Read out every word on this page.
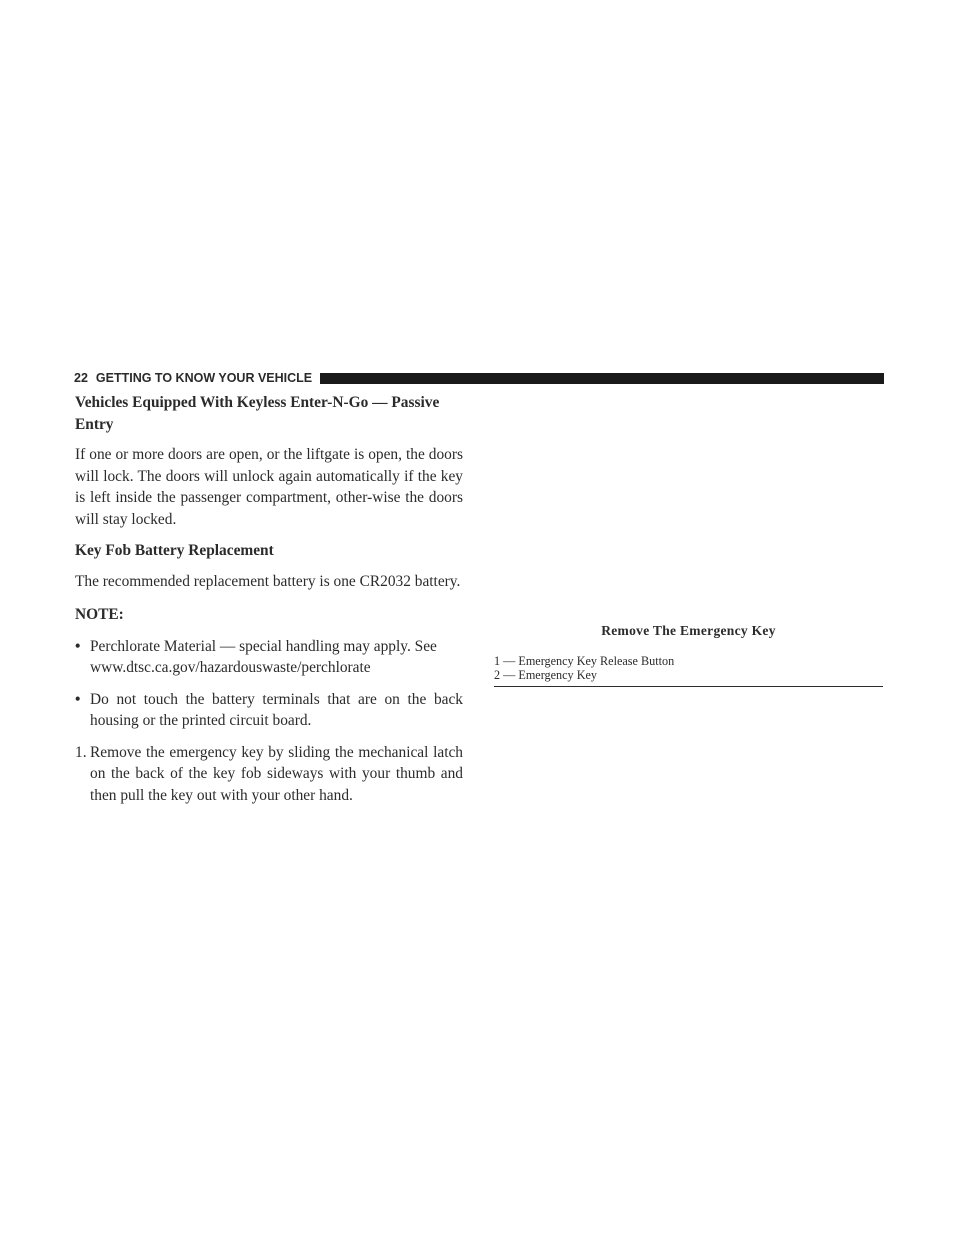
22 GETTING TO KNOW YOUR VEHICLE
Vehicles Equipped With Keyless Enter-N-Go — Passive Entry

If one or more doors are open, or the liftgate is open, the doors will lock. The doors will unlock again automatically if the key is left inside the passenger compartment, other-wise the doors will stay locked.

Key Fob Battery Replacement

The recommended replacement battery is one CR2032 battery.

NOTE:

• Perchlorate Material — special handling may apply. See
www.dtsc.ca.gov/hazardouswaste/perchlorate
• Do not touch the battery terminals that are on the back housing or the printed circuit board.
1. Remove the emergency key by sliding the mechanical latch on the back of the key fob sideways with your thumb and then pull the key out with your other hand.
Remove The Emergency Key
1 — Emergency Key Release Button
2 — Emergency Key
